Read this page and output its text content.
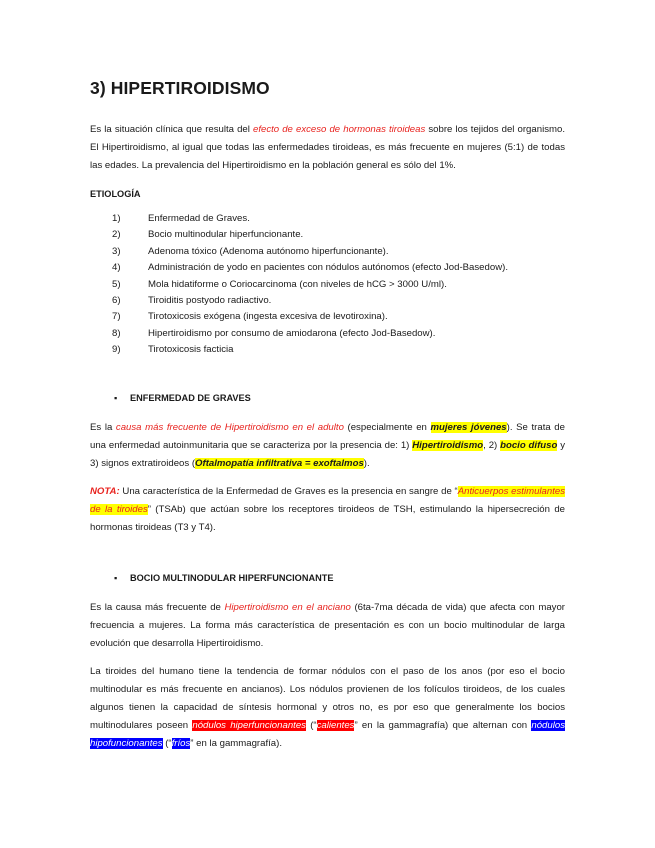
3) HIPERTIROIDISMO

Es la situación clínica que resulta del efecto de exceso de hormonas tiroideas sobre los tejidos del organismo. El Hipertiroidismo, al igual que todas las enfermedades tiroideas, es más frecuente en mujeres (5:1) de todas las edades. La prevalencia del Hipertiroidismo en la población general es sólo del 1%.

ETIOLOGÍA
1)	Enfermedad de Graves.
2)	Bocio multinodular hiperfuncionante.
3)	Adenoma tóxico (Adenoma autónomo hiperfuncionante).
4)	Administración de yodo en pacientes con nódulos autónomos (efecto Jod-Basedow).
5)	Mola hidatiforme o Coriocarcinoma (con niveles de hCG > 3000 U/ml).
6)	Tiroiditis postyodo radiactivo.
7)	Tirotoxicosis exógena (ingesta excesiva de levotiroxina).
8)	Hipertiroidismo por consumo de amiodarona (efecto Jod-Basedow).
9)	Tirotoxicosis facticia
▪ ENFERMEDAD DE GRAVES

Es la causa más frecuente de Hipertiroidismo en el adulto (especialmente en mujeres jóvenes). Se trata de una enfermedad autoinmunitaria que se caracteriza por la presencia de: 1) Hipertiroidismo, 2) bocio difuso y 3) signos extratiroideos (Oftalmopatía infiltrativa = exoftalmos).

NOTA: Una característica de la Enfermedad de Graves es la presencia en sangre de “Anticuerpos estimulantes de la tiroides” (TSAb) que actúan sobre los receptores tiroideos de TSH, estimulando la hipersecreción de hormonas tiroideas (T3 y T4).

▪ BOCIO MULTINODULAR HIPERFUNCIONANTE

Es la causa más frecuente de Hipertiroidismo en el anciano (6ta-7ma década de vida) que afecta con mayor frecuencia a mujeres. La forma más característica de presentación es con un bocio multinodular de larga evolución que desarrolla Hipertiroidismo.

La tiroides del humano tiene la tendencia de formar nódulos con el paso de los anos (por eso el bocio multinodular es más frecuente en ancianos). Los nódulos provienen de los folículos tiroideos, de los cuales algunos tienen la capacidad de síntesis hormonal y otros no, es por eso que generalmente los bocios multinodulares poseen nódulos hiperfuncionantes (“calientes” en la gammagrafía) que alternan con nódulos hipofuncionantes (“fríos” en la gammagrafía).
